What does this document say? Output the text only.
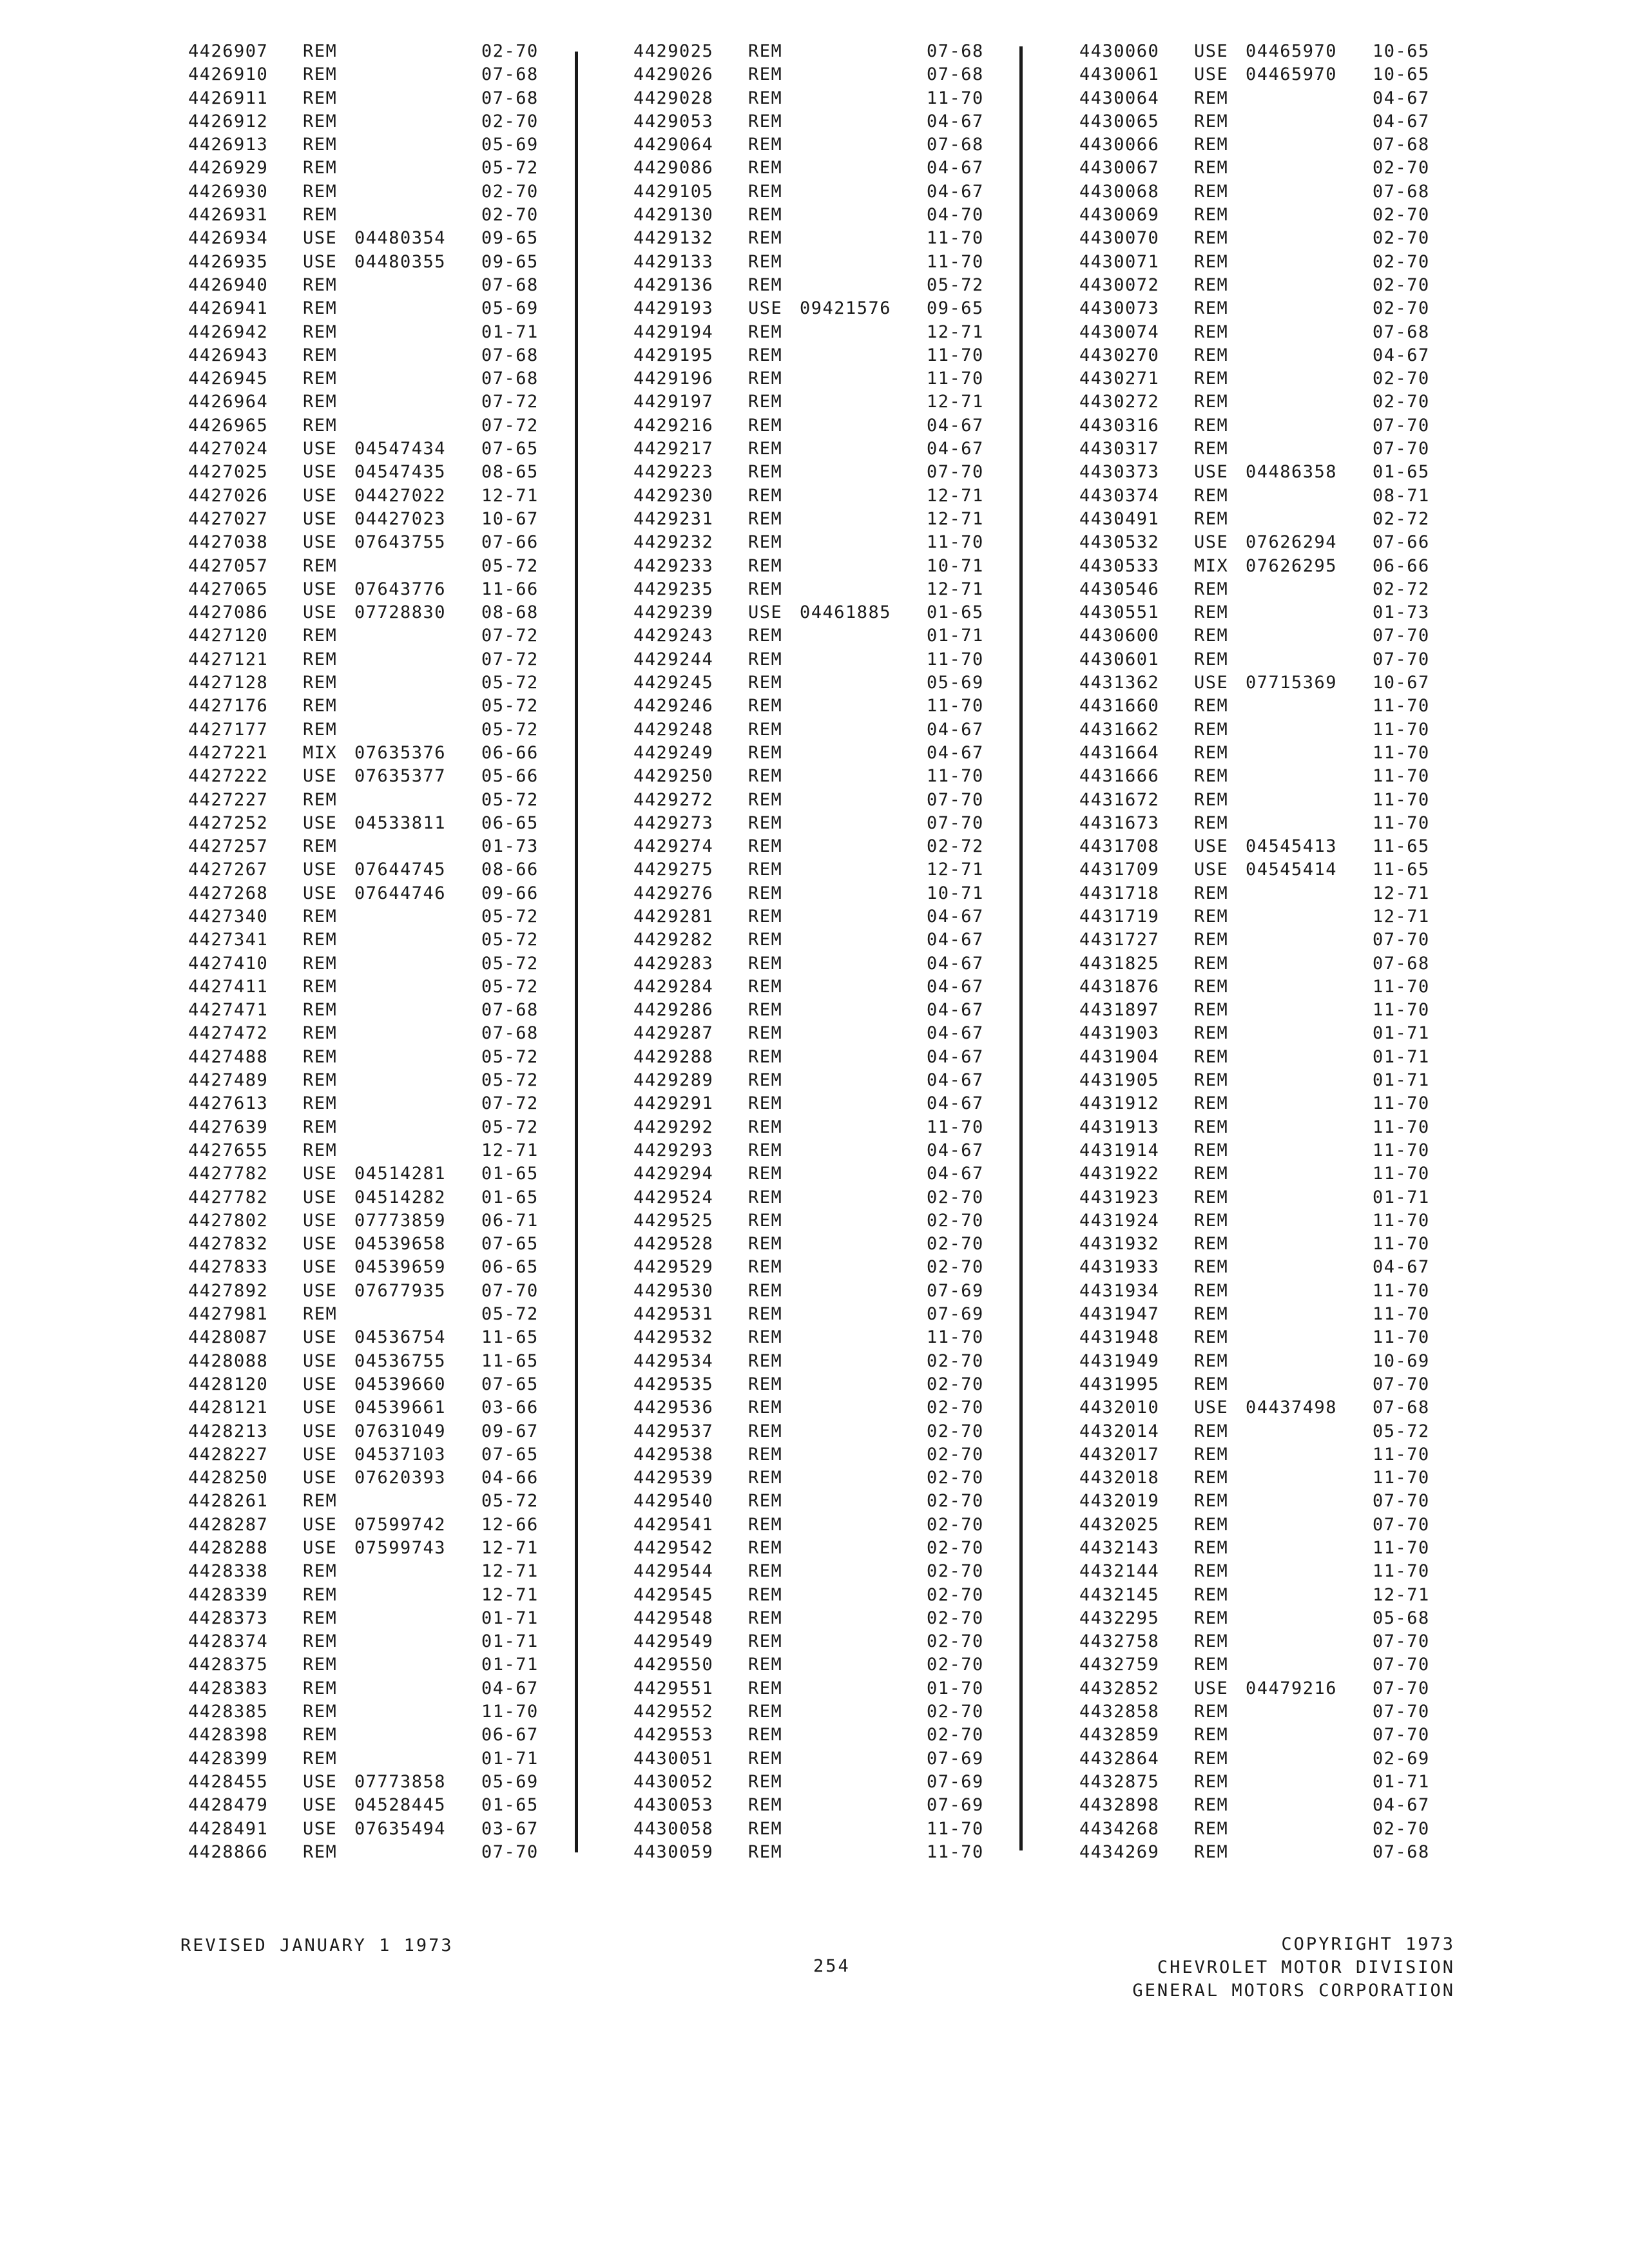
4426907 REM	02-70
4426910 REM	07-68
4426911 REM	07-68
4426912 REM	02-70
4426913 REM	05-69
4426929 REM	05-72
4426930 REM	02-70
4426931 REM	02-70
4426934 USE 04480354 09-65
4426935 USE 04480355 09-65
4426940 REM	07-68
4426941 REM	05-69
4426942 REM	01-71
4426943 REM	07-68
4426945 REM	07-68
4426964 REM	07-72
4426965 REM	07-72
4427024 USE 04547434 07-65
4427025 USE 04547435 08-65
4427026 USE 04427022 12-71
4427027 USE 04427023 10-67
4427038 USE 07643755 07-66
4427057 REM	05-72
4427065 USE 07643776 11-66
4427086 USE 07728830 08-68
4427120 REM	07-72
4427121 REM	07-72
4427128 REM	05-72
4427176 REM	05-72
4427177 REM	05-72
4427221 MIX 07635376 06-66
4427222 USE 07635377 05-66
4427227 REM	05-72
4427252 USE 04533811 06-65
4427257 REM	01-73
4427267 USE 07644745 08-66
4427268 USE 07644746 09-66
4427340 REM	05-72
4427341 REM	05-72
4427410 REM	05-72
4427411 REM	05-72
4427471 REM	07-68
4427472 REM	07-68
4427488 REM	05-72
4427489 REM	05-72
4427613 REM	07-72
4427639 REM	05-72
4427655 REM	12-71
4427782 USE 04514281 01-65
4427782 USE 04514282 01-65
4427802 USE 07773859 06-71
4427832 USE 04539658 07-65
4427833 USE 04539659 06-65
4427892 USE 07677935 07-70
4427981 REM	05-72
4428087 USE 04536754 11-65
4428088 USE 04536755 11-65
4428120 USE 04539660 07-65
4428121 USE 04539661 03-66
4428213 USE 07631049 09-67
4428227 USE 04537103 07-65
4428250 USE 07620393 04-66
4428261 REM	05-72
4428287 USE 07599742 12-66
4428288 USE 07599743 12-71
4428338 REM	12-71
4428339 REM	12-71
4428373 REM	01-71
4428374 REM	01-71
4428375 REM	01-71
4428383 REM	04-67
4428385 REM	11-70
4428398 REM	06-67
4428399 REM	01-71
4428455 USE 07773858 05-69
4428479 USE 04528445 01-65
4428491 USE 07635494 03-67
4428866 REM	07-70
4429025 REM	07-68
4429026 REM	07-68
4429028 REM	11-70
4429053 REM	04-67
4429064 REM	07-68
4429086 REM	04-67
4429105 REM	04-67
4429130 REM	04-70
4429132 REM	11-70
4429133 REM	11-70
4429136 REM	05-72
4429193 USE 09421576 09-65
4429194 REM	12-71
4429195 REM	11-70
4429196 REM	11-70
4429197 REM	12-71
4429216 REM	04-67
4429217 REM	04-67
4429223 REM	07-70
4429230 REM	12-71
4429231 REM	12-71
4429232 REM	11-70
4429233 REM	10-71
4429235 REM	12-71
4429239 USE 04461885 01-65
4429243 REM	01-71
4429244 REM	11-70
4429245 REM	05-69
4429246 REM	11-70
4429248 REM	04-67
4429249 REM	04-67
4429250 REM	11-70
4429272 REM	07-70
4429273 REM	07-70
4429274 REM	02-72
4429275 REM	12-71
4429276 REM	10-71
4429281 REM	04-67
4429282 REM	04-67
4429283 REM	04-67
4429284 REM	04-67
4429286 REM	04-67
4429287 REM	04-67
4429288 REM	04-67
4429289 REM	04-67
4429291 REM	04-67
4429292 REM	11-70
4429293 REM	04-67
4429294 REM	04-67
4429524 REM	02-70
4429525 REM	02-70
4429528 REM	02-70
4429529 REM	02-70
4429530 REM	07-69
4429531 REM	07-69
4429532 REM	11-70
4429534 REM	02-70
4429535 REM	02-70
4429536 REM	02-70
4429537 REM	02-70
4429538 REM	02-70
4429539 REM	02-70
4429540 REM	02-70
4429541 REM	02-70
4429542 REM	02-70
4429544 REM	02-70
4429545 REM	02-70
4429548 REM	02-70
4429549 REM	02-70
4429550 REM	02-70
4429551 REM	01-70
4429552 REM	02-70
4429553 REM	02-70
4430051 REM	07-69
4430052 REM	07-69
4430053 REM	07-69
4430058 REM	11-70
4430059 REM	11-70
4430060 USE 04465970 10-65
4430061 USE 04465970 10-65
4430064 REM	04-67
4430065 REM	04-67
4430066 REM	07-68
4430067 REM	02-70
4430068 REM	07-68
4430069 REM	02-70
4430070 REM	02-70
4430071 REM	02-70
4430072 REM	02-70
4430073 REM	02-70
4430074 REM	07-68
4430270 REM	04-67
4430271 REM	02-70
4430272 REM	02-70
4430316 REM	07-70
4430317 REM	07-70
4430373 USE 04486358 01-65
4430374 REM	08-71
4430491 REM	02-72
4430532 USE 07626294 07-66
4430533 MIX 07626295 06-66
4430546 REM	02-72
4430551 REM	01-73
4430600 REM	07-70
4430601 REM	07-70
4431362 USE 07715369 10-67
4431660 REM	11-70
4431662 REM	11-70
4431664 REM	11-70
4431666 REM	11-70
4431672 REM	11-70
4431673 REM	11-70
4431708 USE 04545413 11-65
4431709 USE 04545414 11-65
4431718 REM	12-71
4431719 REM	12-71
4431727 REM	07-70
4431825 REM	07-68
4431876 REM	11-70
4431897 REM	11-70
4431903 REM	01-71
4431904 REM	01-71
4431905 REM	01-71
4431912 REM	11-70
4431913 REM	11-70
4431914 REM	11-70
4431922 REM	11-70
4431923 REM	01-71
4431924 REM	11-70
4431932 REM	11-70
4431933 REM	04-67
4431934 REM	11-70
4431947 REM	11-70
4431948 REM	11-70
4431949 REM	10-69
4431995 REM	07-70
4432010 USE 04437498 07-68
4432014 REM	05-72
4432017 REM	11-70
4432018 REM	11-70
4432019 REM	07-70
4432025 REM	07-70
4432143 REM	11-70
4432144 REM	11-70
4432145 REM	12-71
4432295 REM	05-68
4432758 REM	07-70
4432759 REM	07-70
4432852 USE 04479216 07-70
4432858 REM	07-70
4432859 REM	07-70
4432864 REM	02-69
4432875 REM	01-71
4432898 REM	04-67
4434268 REM	02-70
4434269 REM	07-68
REVISED JANUARY 1 1973
254
COPYRIGHT 1973
CHEVROLET MOTOR DIVISION
GENERAL MOTORS CORPORATION
